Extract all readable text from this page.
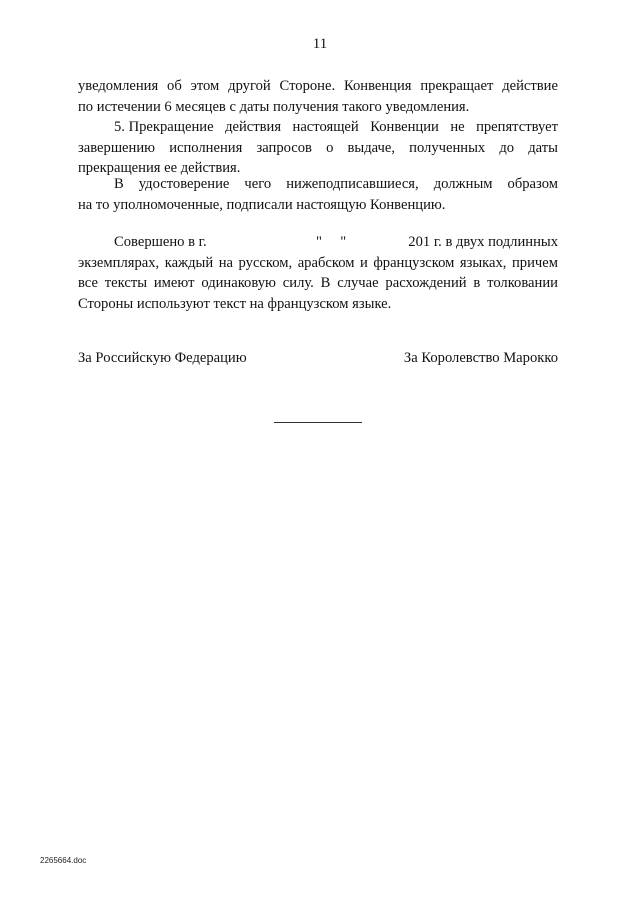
11
уведомления об этом другой Стороне. Конвенция прекращает действие
по истечении 6 месяцев с даты получения такого уведомления.
5. Прекращение действия настоящей Конвенции не препятствует
завершению исполнения запросов о выдаче, полученных до даты
прекращения ее действия.
В удостоверение чего нижеподписавшиеся, должным образом
на то уполномоченные, подписали настоящую Конвенцию.
Совершено в г.	"     "	201 г. в двух подлинных
экземплярах, каждый на русском, арабском и французском языках, причем
все тексты имеют одинаковую силу. В случае расхождений в толковании
Стороны используют текст на французском языке.
За Российскую Федерацию	За Королевство Марокко
2265664.doc
